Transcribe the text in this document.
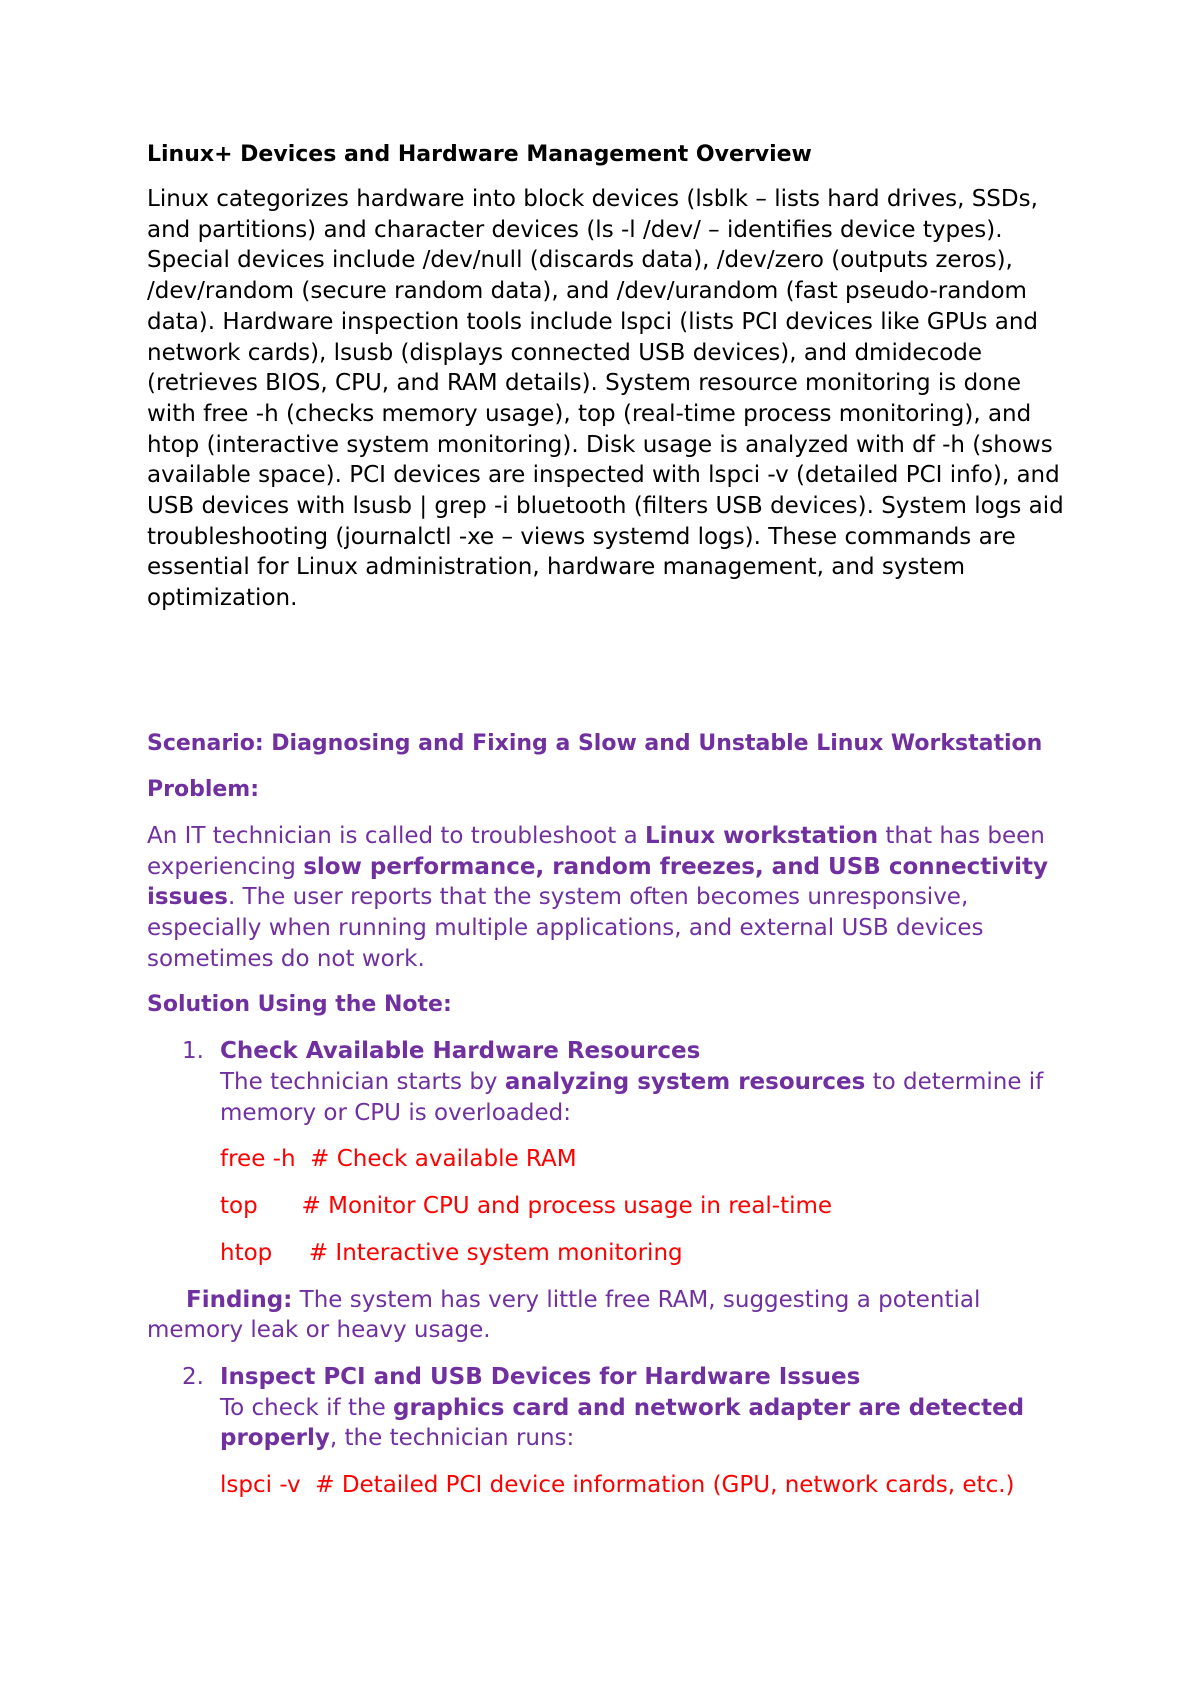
Linux+ Devices and Hardware Management Overview
Linux categorizes hardware into block devices (lsblk – lists hard drives, SSDs, and partitions) and character devices (ls -l /dev/ – identifies device types). Special devices include /dev/null (discards data), /dev/zero (outputs zeros), /dev/random (secure random data), and /dev/urandom (fast pseudo-random data). Hardware inspection tools include lspci (lists PCI devices like GPUs and network cards), lsusb (displays connected USB devices), and dmidecode (retrieves BIOS, CPU, and RAM details). System resource monitoring is done with free -h (checks memory usage), top (real-time process monitoring), and htop (interactive system monitoring). Disk usage is analyzed with df -h (shows available space). PCI devices are inspected with lspci -v (detailed PCI info), and USB devices with lsusb | grep -i bluetooth (filters USB devices). System logs aid troubleshooting (journalctl -xe – views systemd logs). These commands are essential for Linux administration, hardware management, and system optimization.
Scenario: Diagnosing and Fixing a Slow and Unstable Linux Workstation
Problem:
An IT technician is called to troubleshoot a Linux workstation that has been experiencing slow performance, random freezes, and USB connectivity issues. The user reports that the system often becomes unresponsive, especially when running multiple applications, and external USB devices sometimes do not work.
Solution Using the Note:
1. Check Available Hardware Resources
The technician starts by analyzing system resources to determine if memory or CPU is overloaded:
free -h  # Check available RAM
top      # Monitor CPU and process usage in real-time
htop     # Interactive system monitoring
Finding: The system has very little free RAM, suggesting a potential memory leak or heavy usage.
2. Inspect PCI and USB Devices for Hardware Issues
To check if the graphics card and network adapter are detected properly, the technician runs:
lspci -v  # Detailed PCI device information (GPU, network cards, etc.)
